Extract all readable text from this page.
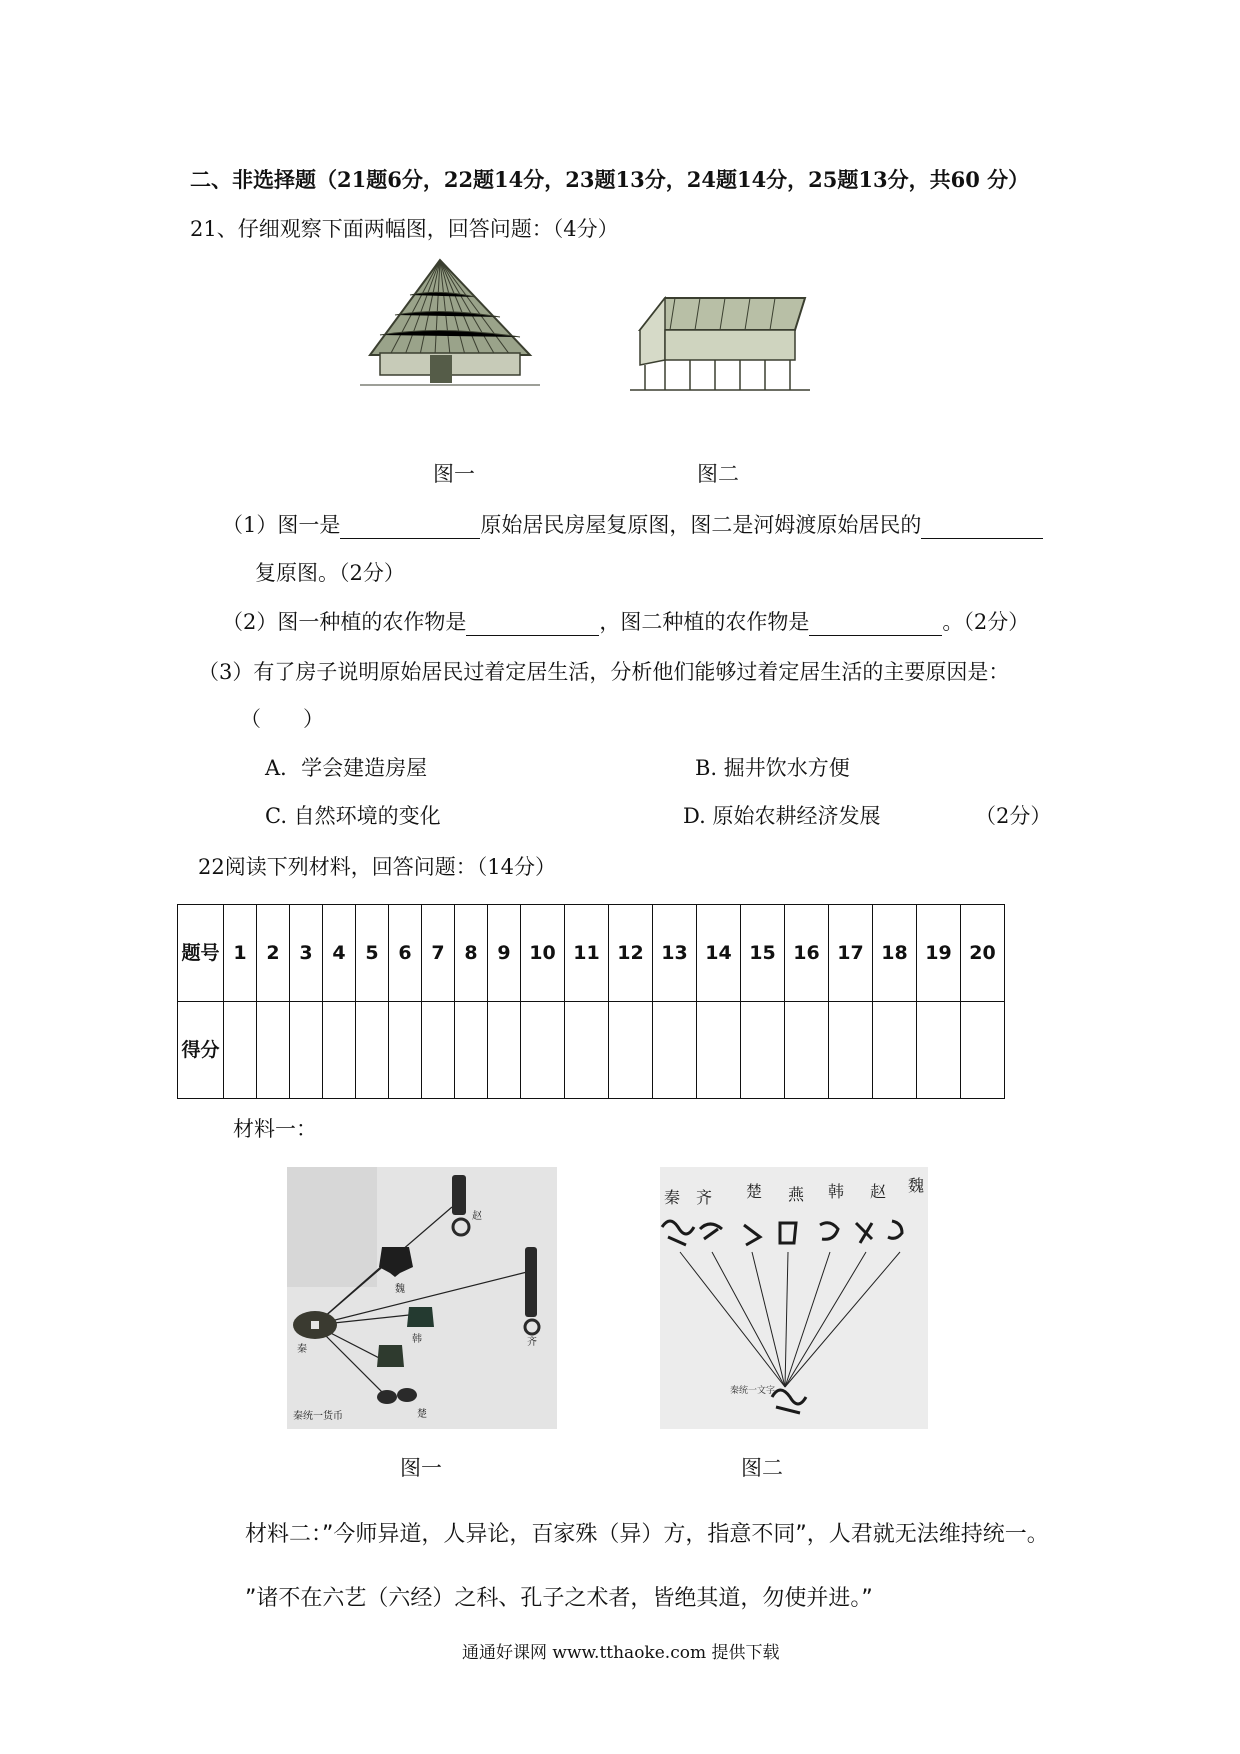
二、非选择题（21题6分，22题14分，23题13分，24题14分，25题13分，共60 分）
21、仔细观察下面两幅图，回答问题：（4分）
图一	图二
（1）图一是	原始居民房屋复原图，图二是河姆渡原始居民的
复原图。（2分）
（2）图一种植的农作物是	，图二种植的农作物是	。（2分）
（3）有了房子说明原始居民过着定居生活，分析他们能够过着定居生活的主要原因是：
（　　）
A．学会建造房屋	B. 掘井饮水方便
C. 自然环境的变化	D. 原始农耕经济发展	（2分）
22阅读下列材料，回答问题：（14分）
题号	1	2	3	4	5	6	7	8	9	10	11	12	13	14	15	16	17	18	19	20
得分																				
材料一：
赵
魏
齐
韩
楚
秦
秦统一货币
秦 齐 楚 燕 韩 赵 魏
秦统一文字
图一	图二
材料二：”今师异道，人异论，百家殊（异）方，指意不同”，人君就无法维持统一。
”诸不在六艺（六经）之科、孔子之术者，皆绝其道，勿使并进。”
通通好课网 www.tthaoke.com 提供下载
